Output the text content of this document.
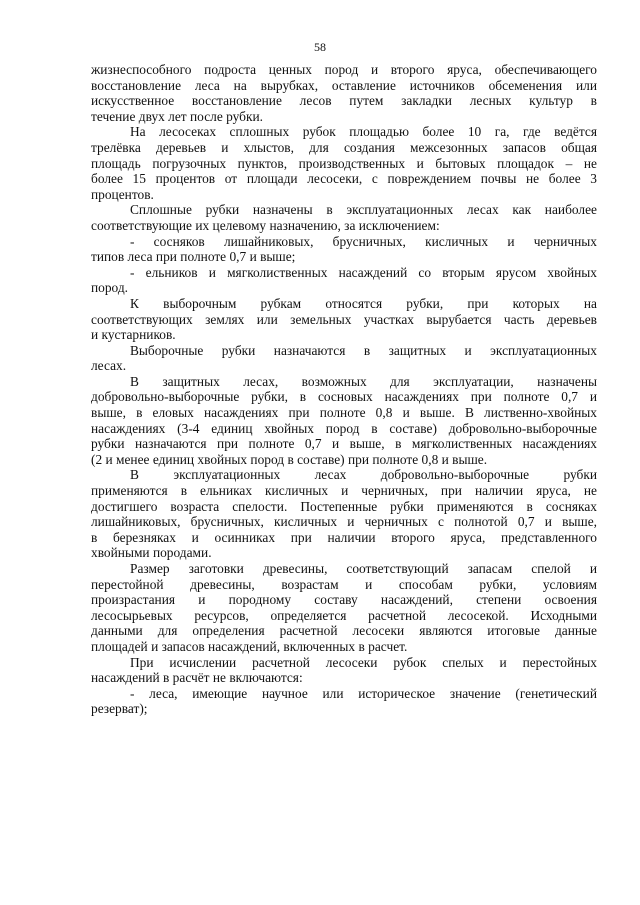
58
жизнеспособного подроста ценных пород и второго яруса, обеспечивающего
восстановление леса на вырубках, оставление источников обсеменения или
искусственное восстановление лесов путем закладки лесных культур в
течение двух лет после рубки.
На лесосеках сплошных рубок площадью более 10 га, где ведётся
трелёвка деревьев и хлыстов, для создания межсезонных запасов общая
площадь погрузочных пунктов, производственных и бытовых площадок – не
более 15 процентов от площади лесосеки, с повреждением почвы не более 3
процентов.
Сплошные рубки назначены в эксплуатационных лесах как наиболее
соответствующие их целевому назначению, за исключением:
- сосняков лишайниковых, брусничных, кисличных и черничных
типов леса при полноте 0,7 и выше;
- ельников и мягколиственных насаждений со вторым ярусом хвойных
пород.
К выборочным рубкам относятся рубки, при которых на
соответствующих землях или земельных участках вырубается часть деревьев
и кустарников.
Выборочные рубки назначаются в защитных и эксплуатационных
лесах.
В защитных лесах, возможных для эксплуатации, назначены
добровольно-выборочные рубки, в сосновых насаждениях при полноте 0,7 и
выше, в еловых насаждениях при полноте 0,8 и выше. В лиственно-хвойных
насаждениях (3-4 единиц хвойных пород в составе) добровольно-выборочные
рубки назначаются при полноте 0,7 и выше, в мягколиственных насаждениях
(2 и менее единиц хвойных пород в составе) при полноте 0,8 и выше.
В эксплуатационных лесах добровольно-выборочные рубки
применяются в ельниках кисличных и черничных, при наличии яруса, не
достигшего возраста спелости. Постепенные рубки применяются в сосняках
лишайниковых, брусничных, кисличных и черничных с полнотой 0,7 и выше,
в березняках и осинниках при наличии второго яруса, представленного
хвойными породами.
Размер заготовки древесины, соответствующий запасам спелой и
перестойной древесины, возрастам и способам рубки, условиям
произрастания и породному составу насаждений, степени освоения
лесосырьевых ресурсов, определяется расчетной лесосекой. Исходными
данными для определения расчетной лесосеки являются итоговые данные
площадей и запасов насаждений, включенных в расчет.
При исчислении расчетной лесосеки рубок спелых и перестойных
насаждений в расчёт не включаются:
- леса, имеющие научное или историческое значение (генетический
резерват);
